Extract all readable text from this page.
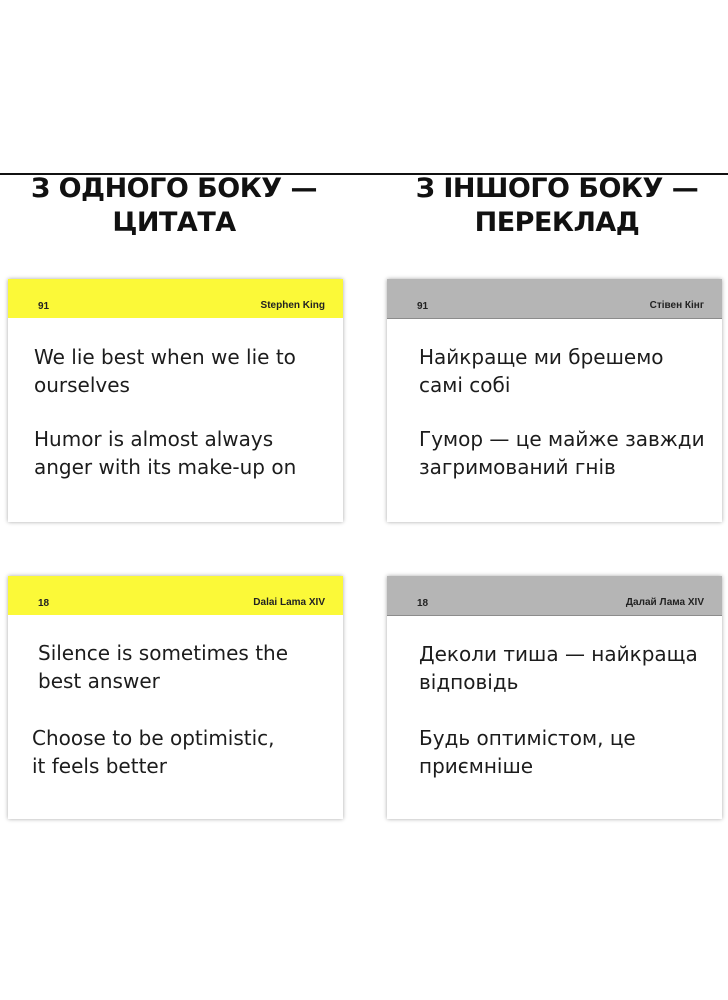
З ОДНОГО БОКУ —
ЦИТАТА
З ІНШОГО БОКУ —
ПЕРЕКЛАД
91	Stephen King
We lie best when we lie to
ourselves
Humor is almost always
anger with its make-up on
91	Стівен Кінг
Найкраще ми брешемо
самі собі
Гумор — це майже завжди
загримований гнів
18	Dalai Lama XIV
Silence is sometimes the
best answer
Choose to be optimistic,
it feels better
18	Далай Лама XIV
Деколи тиша — найкраща
відповідь
Будь оптимістом, це
приємніше
